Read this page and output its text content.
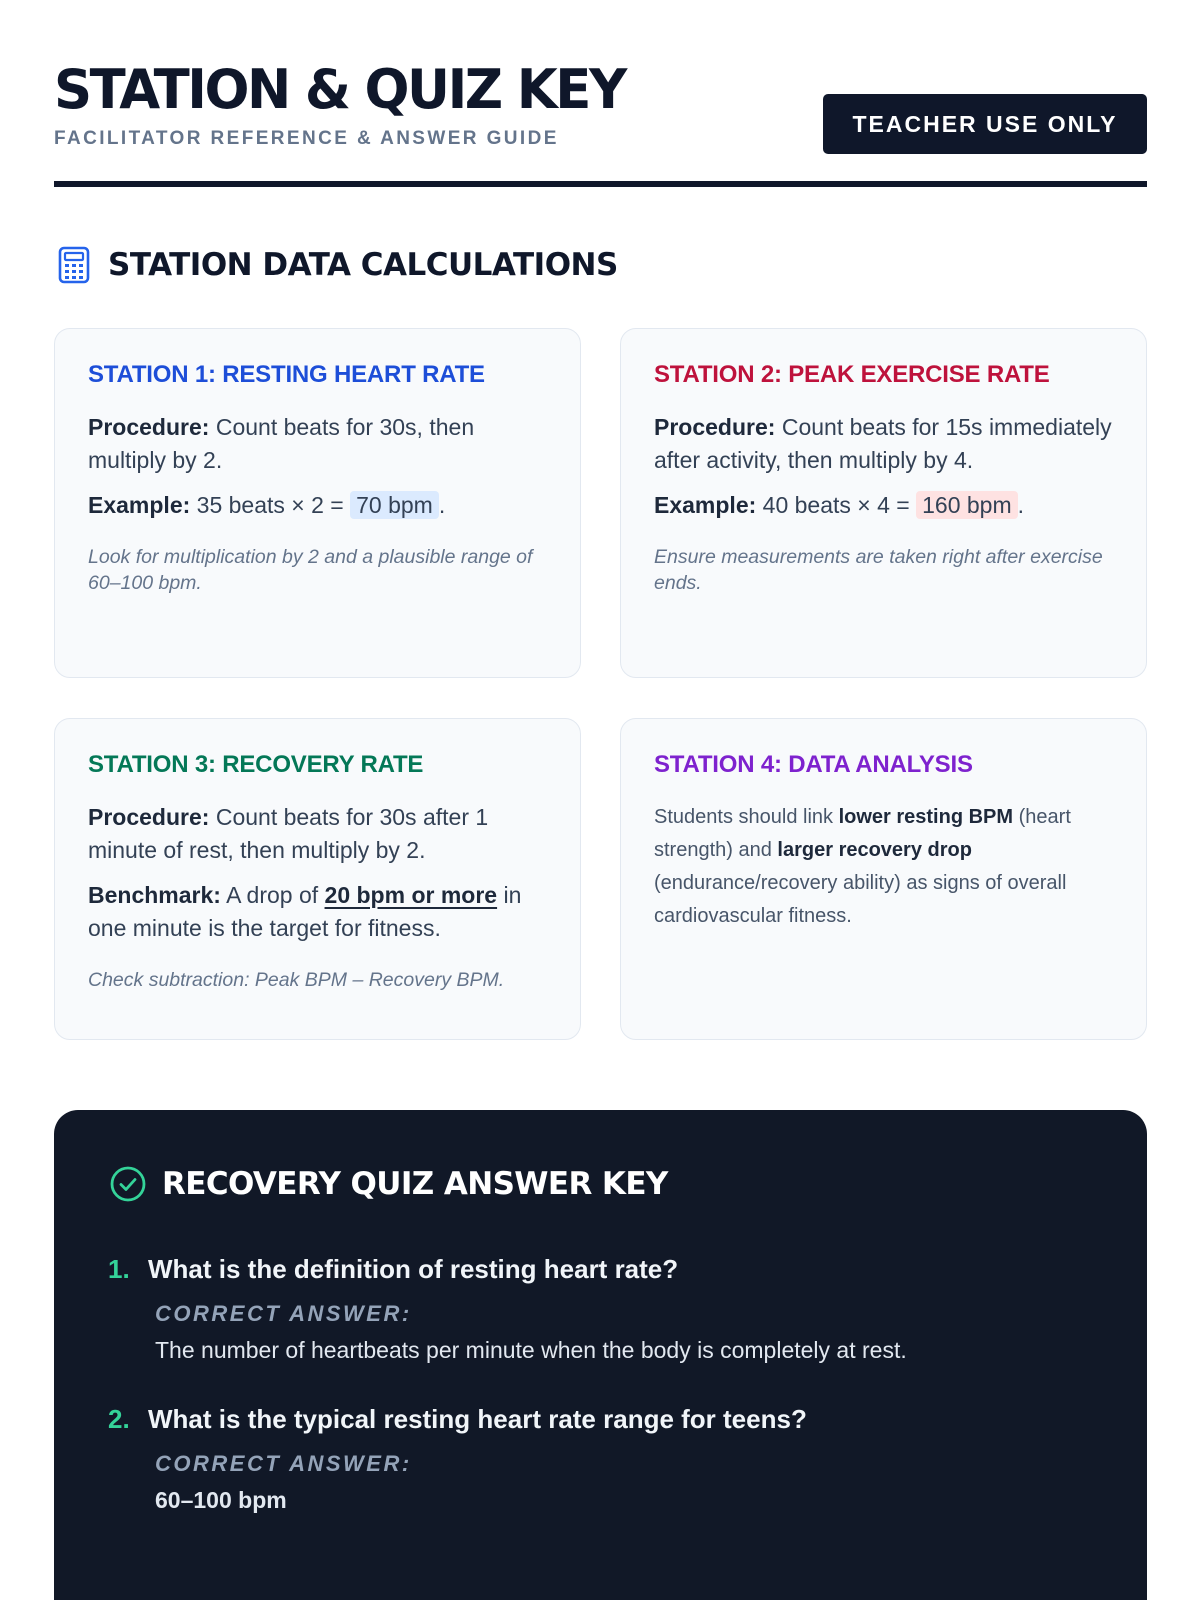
STATION & QUIZ KEY
FACILITATOR REFERENCE & ANSWER GUIDE
TEACHER USE ONLY
STATION DATA CALCULATIONS
STATION 1: RESTING HEART RATE

Procedure: Count beats for 30s, then multiply by 2.

Example: 35 beats × 2 = 70 bpm .

Look for multiplication by 2 and a plausible range of 60–100 bpm.

STATION 2: PEAK EXERCISE RATE

Procedure: Count beats for 15s immediately after activity, then multiply by 4.

Example: 40 beats × 4 = 160 bpm .

Ensure measurements are taken right after exercise ends.

STATION 3: RECOVERY RATE

Procedure: Count beats for 30s after 1 minute of rest, then multiply by 2.

Benchmark: A drop of 20 bpm or more in one minute is the target for fitness.

Check subtraction: Peak BPM – Recovery BPM.

STATION 4: DATA ANALYSIS

Students should link lower resting BPM (heart strength) and larger recovery drop (endurance/recovery ability) as signs of overall cardiovascular fitness.

RECOVERY QUIZ ANSWER KEY
1. What is the definition of resting heart rate?
CORRECT ANSWER:
The number of heartbeats per minute when the body is completely at rest.
2. What is the typical resting heart rate range for teens?
CORRECT ANSWER:
60–100 bpm
